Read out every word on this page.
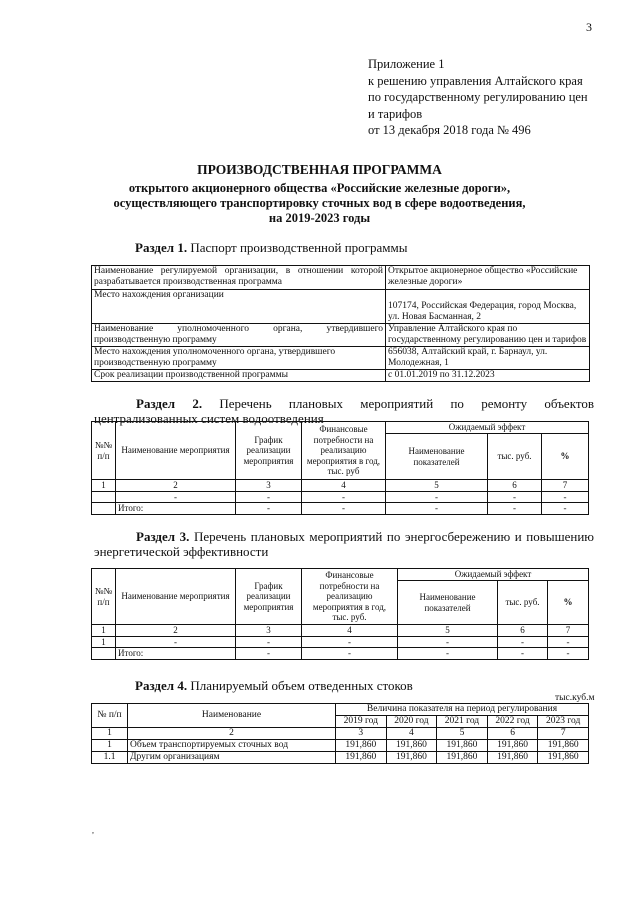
3
Приложение 1
к решению управления Алтайского края
по государственному регулированию цен
и тарифов
от 13 декабря 2018 года № 496
ПРОИЗВОДСТВЕННАЯ ПРОГРАММА
открытого акционерного общества «Российские железные дороги»,
осуществляющего транспортировку сточных вод в сфере водоотведения,
на 2019-2023 годы
Раздел 1. Паспорт производственной программы
Наименование регулируемой организации, в отношении которой разрабатывается производственная программа	Открытое акционерное общество «Российские железные дороги»
Место нахождения организации	107174, Российская Федерация, город Москва, ул. Новая Басманная, 2
Наименование уполномоченного органа, утвердившего производственную программу	Управление Алтайского края по государственному регулированию цен и тарифов
Место нахождения уполномоченного органа, утвердившего производственную программу	656038, Алтайский край, г. Барнаул, ул. Молодежная, 1
Срок реализации производственной программы	с 01.01.2019 по 31.12.2023
Раздел 2. Перечень плановых мероприятий по ремонту объектов централизованных систем водоотведения
№№ п/п	Наименование мероприятия	График реализации мероприятия	Финансовые потребности на реализацию мероприятия в год, тыс. руб	Ожидаемый эффект		
				Наименование показателей	тыс. руб.	%
1	2	3	4	5	6	7
	-	-	-	-	-	-
	Итого:	-	-	-	-	-
Раздел 3. Перечень плановых мероприятий по энергосбережению и повышению энергетической эффективности
№№ п/п	Наименование мероприятия	График реализации мероприятия	Финансовые потребности на реализацию мероприятия в год, тыс. руб.	Ожидаемый эффект		
				Наименование показателей	тыс. руб.	%
1	2	3	4	5	6	7
1	-	-	-	-	-	-
	Итого:	-	-	-	-	-
Раздел 4. Планируемый объем отведенных стоков
тыс.куб.м
№ п/п	Наименование	Величина показателя на период регулирования				
		2019 год	2020 год	2021 год	2022 год	2023 год
1	2	3	4	5	6	7
1	Объем транспортируемых сточных вод	191,860	191,860	191,860	191,860	191,860
1.1	Другим организациям	191,860	191,860	191,860	191,860	191,860
,
